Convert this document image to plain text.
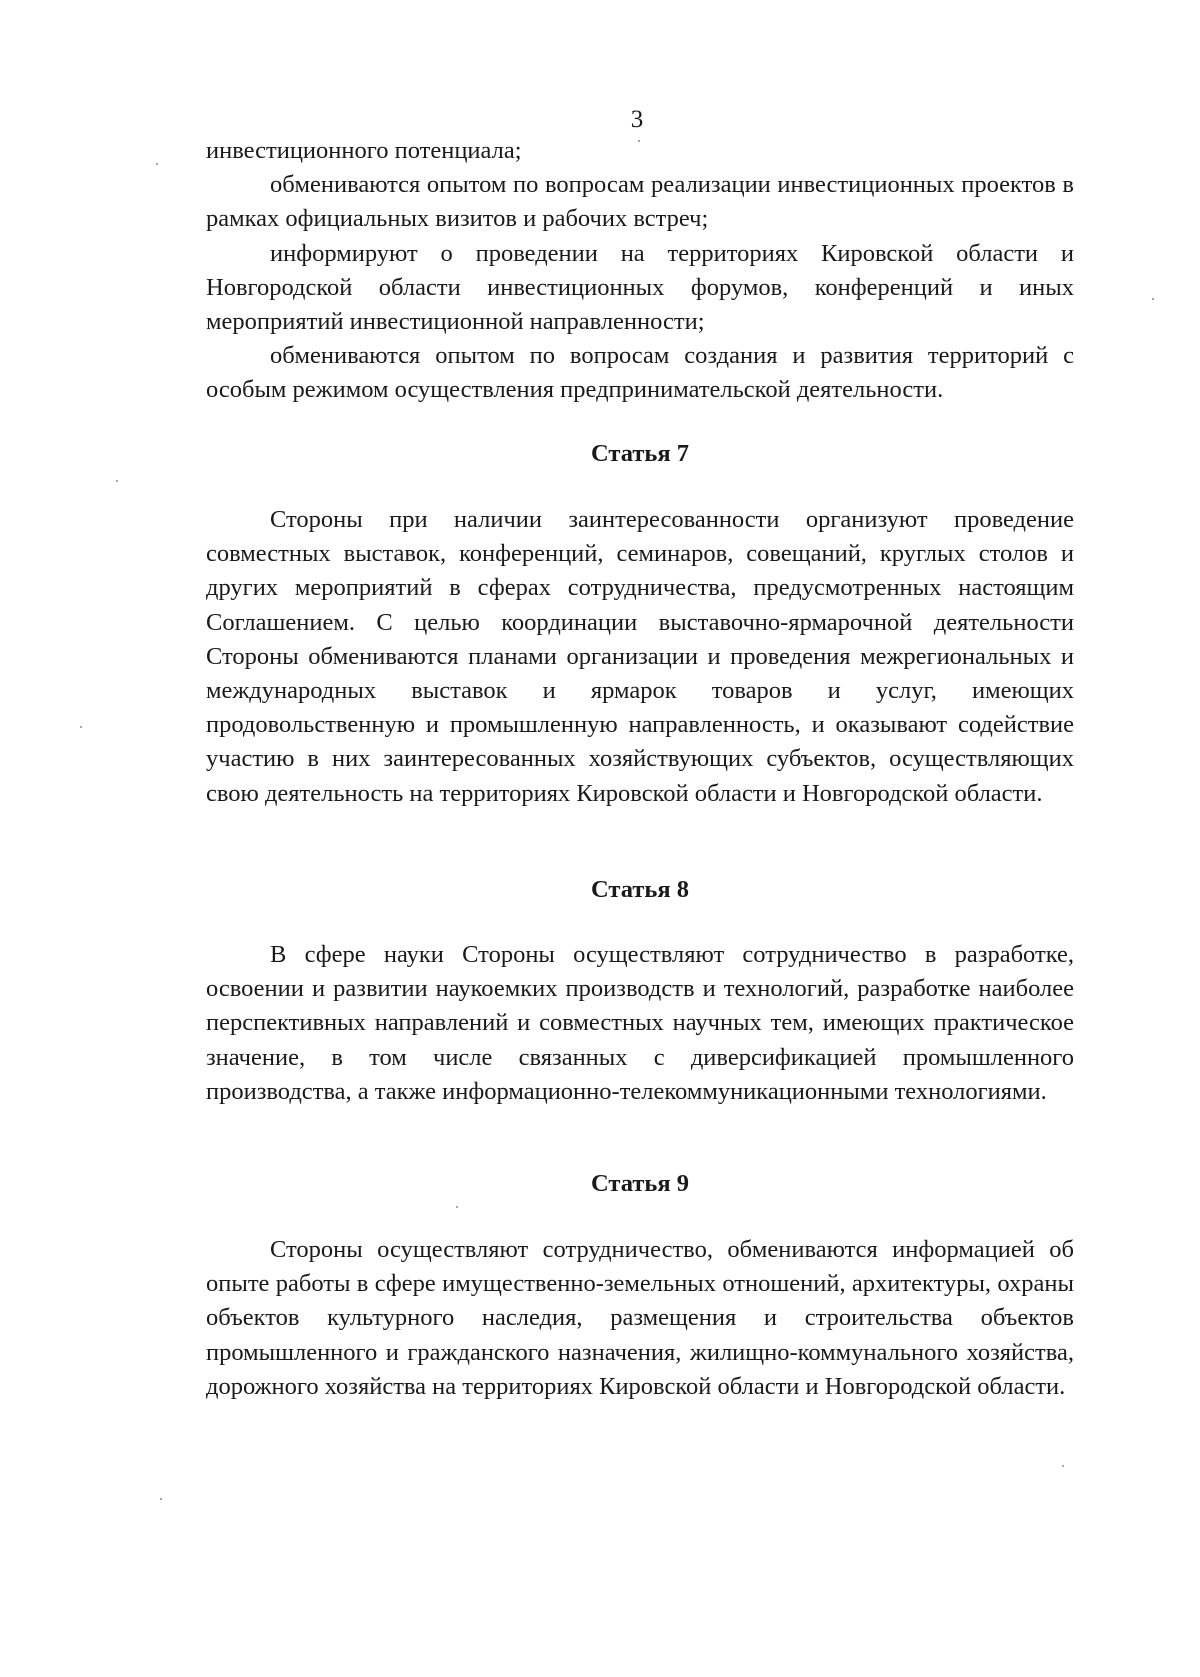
3

инвестиционного потенциала;

обмениваются опытом по вопросам реализации инвестиционных проектов в рамках официальных визитов и рабочих встреч;

информируют о проведении на территориях Кировской области и Новгородской области инвестиционных форумов, конференций и иных мероприятий инвестиционной направленности;

обмениваются опытом по вопросам создания и развития территорий с особым режимом осуществления предпринимательской деятельности.

Статья 7

Стороны при наличии заинтересованности организуют проведение совместных выставок, конференций, семинаров, совещаний, круглых столов и других мероприятий в сферах сотрудничества, предусмотренных настоящим Соглашением. С целью координации выставочно-ярмарочной деятельности Стороны обмениваются планами организации и проведения межрегиональных и международных выставок и ярмарок товаров и услуг, имеющих продовольственную и промышленную направленность, и оказывают содействие участию в них заинтересованных хозяйствующих субъектов, осуществляющих свою деятельность на территориях Кировской области и Новгородской области.

Статья 8

В сфере науки Стороны осуществляют сотрудничество в разработке, освоении и развитии наукоемких производств и технологий, разработке наиболее перспективных направлений и совместных научных тем, имеющих практическое значение, в том числе связанных с диверсификацией промышленного производства, а также информационно-телекоммуникационными технологиями.

Статья 9

Стороны осуществляют сотрудничество, обмениваются информацией об опыте работы в сфере имущественно-земельных отношений, архитектуры, охраны объектов культурного наследия, размещения и строительства объектов промышленного и гражданского назначения, жилищно-коммунального хозяйства, дорожного хозяйства на территориях Кировской области и Новгородской области.
